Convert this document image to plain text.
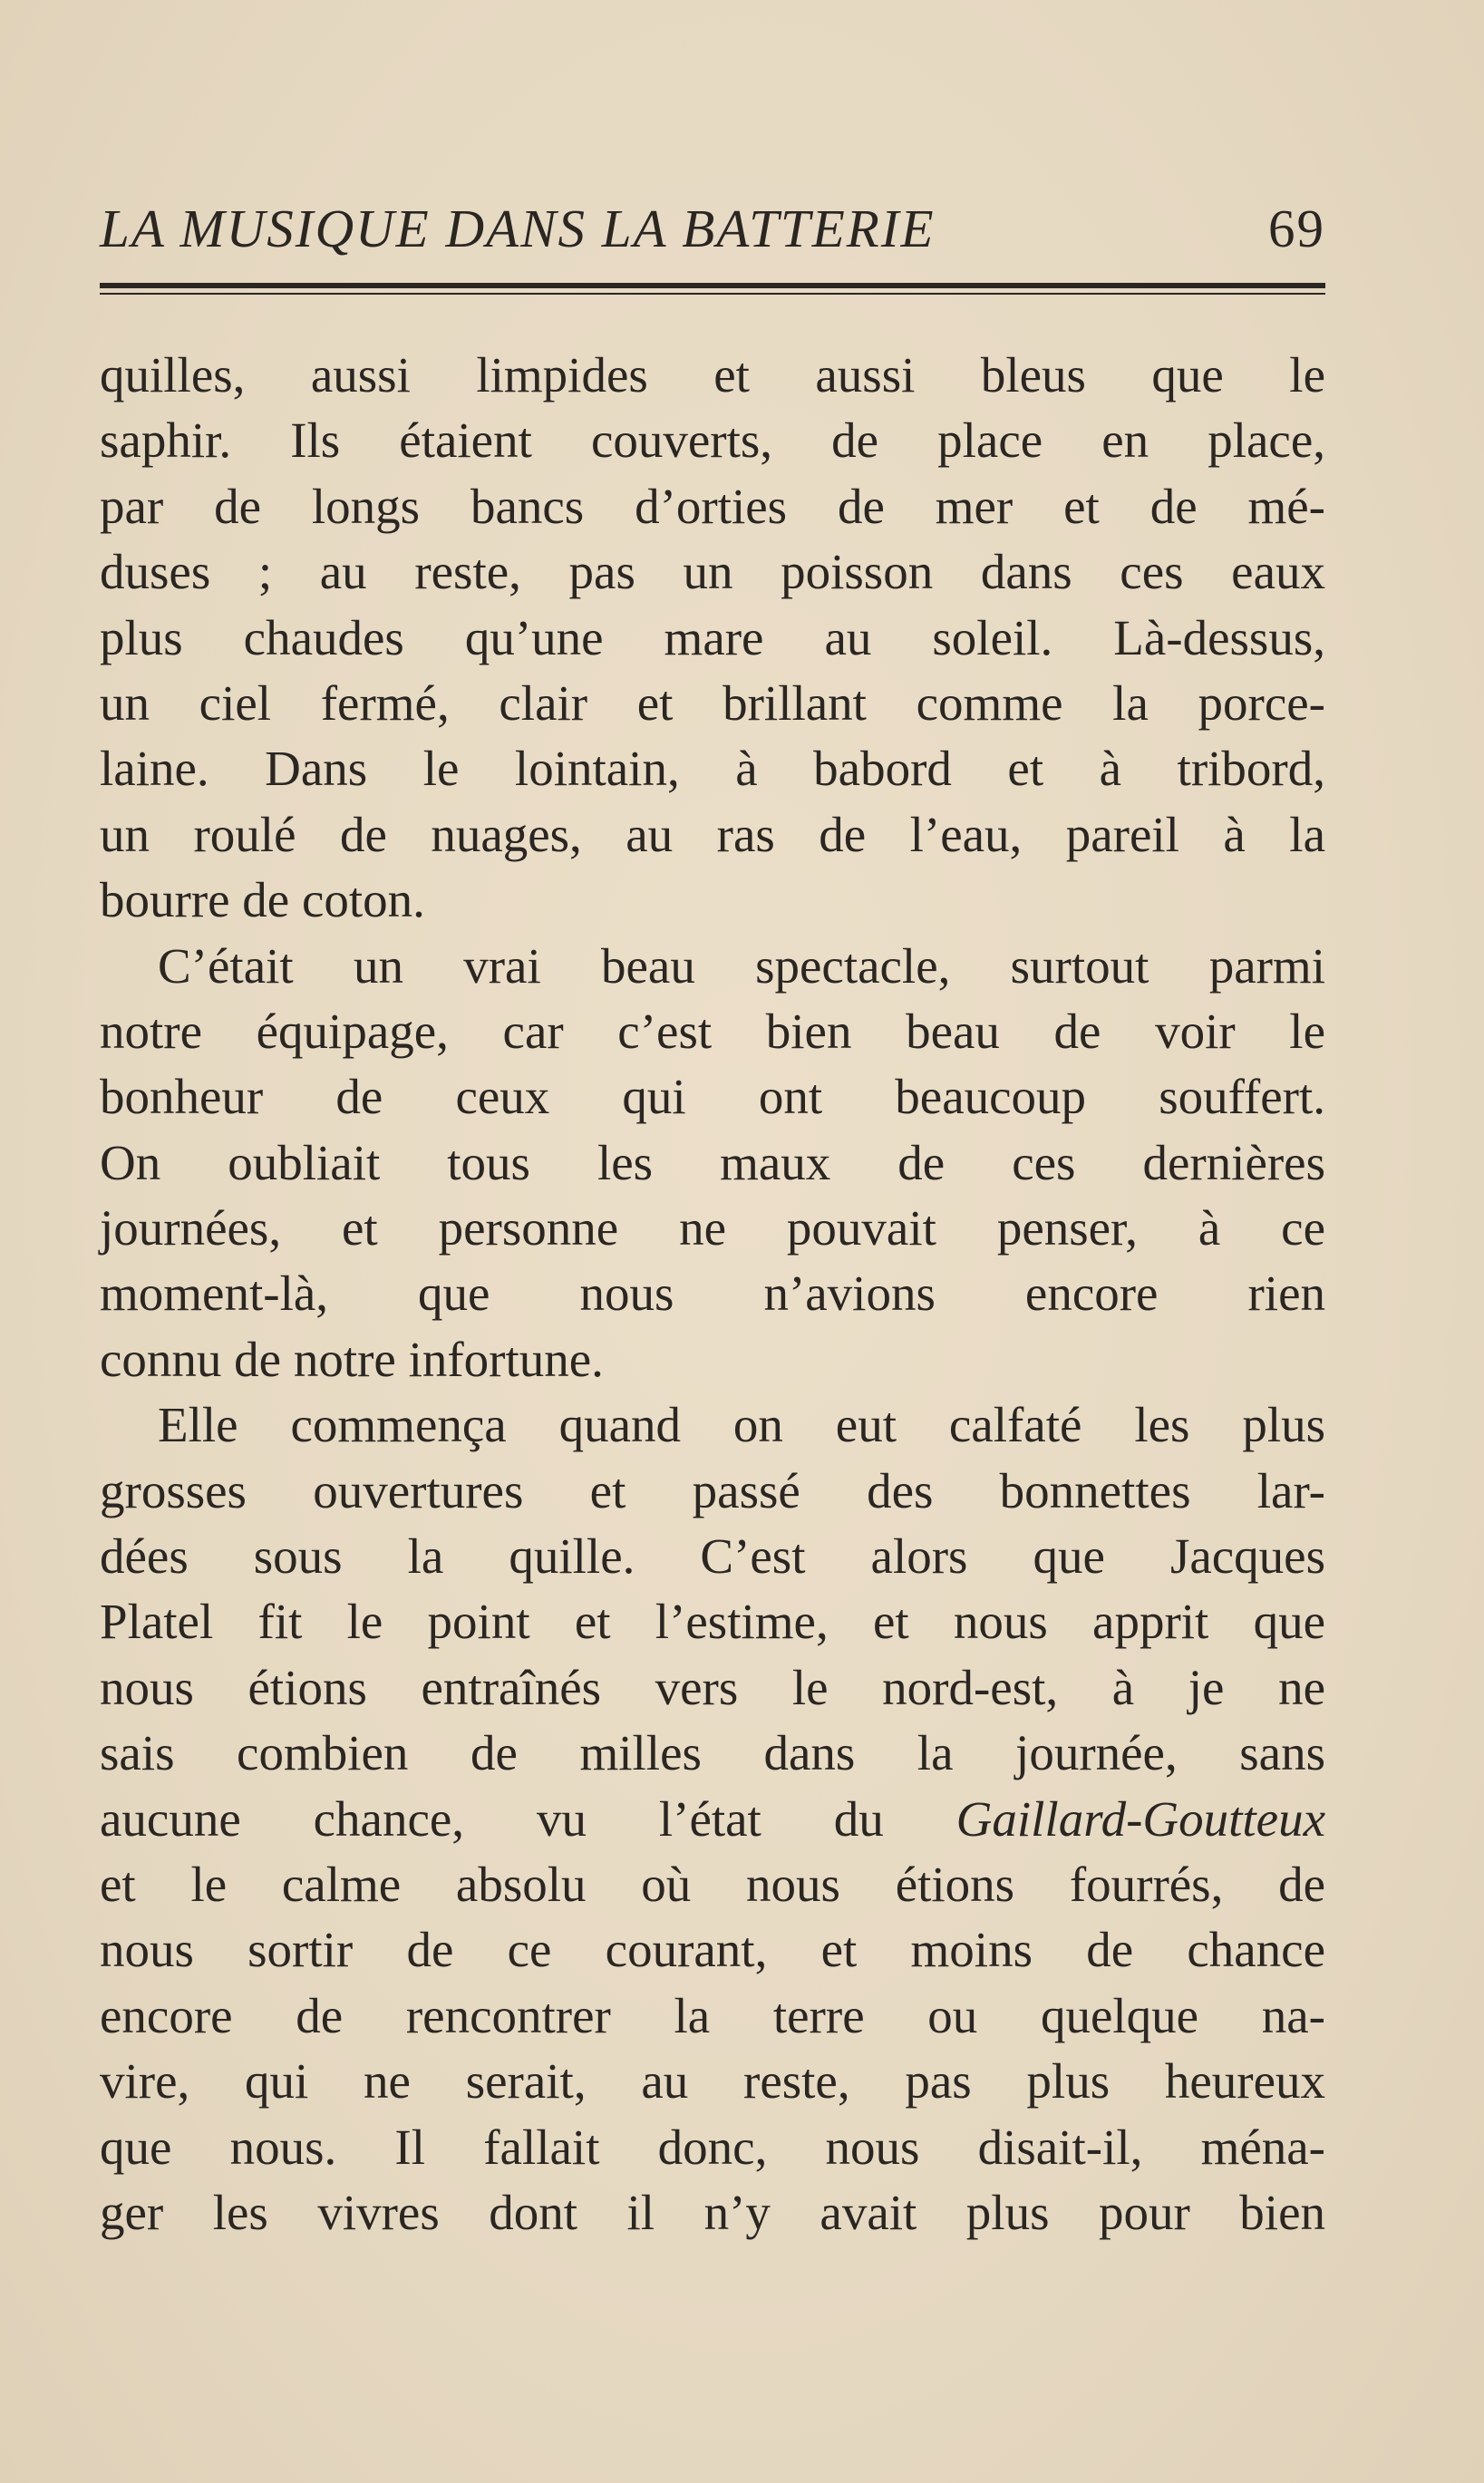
LA MUSIQUE DANS LA BATTERIE	69
quilles, aussi limpides et aussi bleus que le
saphir. Ils étaient couverts, de place en place,
par de longs bancs d’orties de mer et de mé-
duses ; au reste, pas un poisson dans ces eaux
plus chaudes qu’une mare au soleil. Là-dessus,
un ciel fermé, clair et brillant comme la porce-
laine. Dans le lointain, à babord et à tribord,
un roulé de nuages, au ras de l’eau, pareil à la
bourre de coton.
C’était un vrai beau spectacle, surtout parmi
notre équipage, car c’est bien beau de voir le
bonheur de ceux qui ont beaucoup souffert.
On oubliait tous les maux de ces dernières
journées, et personne ne pouvait penser, à ce
moment-là, que nous n’avions encore rien
connu de notre infortune.
Elle commença quand on eut calfaté les plus
grosses ouvertures et passé des bonnettes lar-
dées sous la quille. C’est alors que Jacques
Platel fit le point et l’estime, et nous apprit que
nous étions entraînés vers le nord-est, à je ne
sais combien de milles dans la journée, sans
aucune chance, vu l’état du Gaillard-Goutteux
et le calme absolu où nous étions fourrés, de
nous sortir de ce courant, et moins de chance
encore de rencontrer la terre ou quelque na-
vire, qui ne serait, au reste, pas plus heureux
que nous. Il fallait donc, nous disait-il, ména-
ger les vivres dont il n’y avait plus pour bien
